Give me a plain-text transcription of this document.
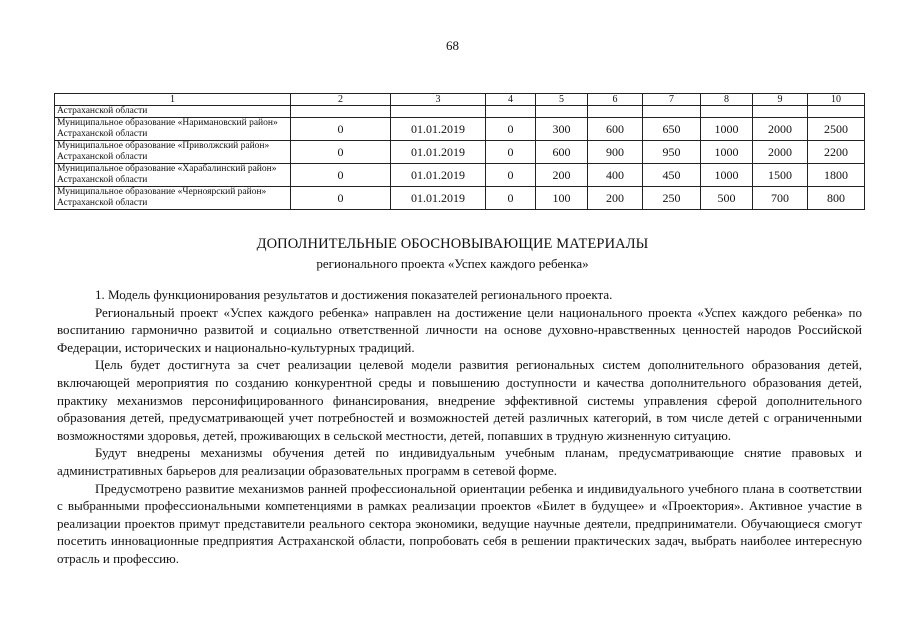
68
1	2	3	4	5	6	7	8	9	10
Астраханской области									
Муниципальное образование «Наримановский район» Астраханской области	0	01.01.2019	0	300	600	650	1000	2000	2500
Муниципальное образование «Приволжский район» Астраханской области	0	01.01.2019	0	600	900	950	1000	2000	2200
Муниципальное образование «Харабалинский район» Астраханской области	0	01.01.2019	0	200	400	450	1000	1500	1800
Муниципальное образование «Черноярский район» Астраханской области	0	01.01.2019	0	100	200	250	500	700	800
ДОПОЛНИТЕЛЬНЫЕ ОБОСНОВЫВАЮЩИЕ МАТЕРИАЛЫ
регионального проекта «Успех каждого ребенка»

1. Модель функционирования результатов и достижения показателей регионального проекта.

Региональный проект «Успех каждого ребенка» направлен на достижение цели национального проекта «Успех каждого ребенка» по воспитанию гармонично развитой и социально ответственной личности на основе духовно-нравственных ценностей народов Российской Федерации, исторических и национально-культурных традиций.

Цель будет достигнута за счет реализации целевой модели развития региональных систем дополнительного образования детей, включающей мероприятия по созданию конкурентной среды и повышению доступности и качества дополнительного образования детей, практику механизмов персонифицированного финансирования, внедрение эффективной системы управления сферой дополнительного образования детей, предусматривающей учет потребностей и возможностей детей различных категорий, в том числе детей с ограниченными возможностями здоровья, детей, проживающих в сельской местности, детей, попавших в трудную жизненную ситуацию.

Будут внедрены механизмы обучения детей по индивидуальным учебным планам, предусматривающие снятие правовых и административных барьеров для реализации образовательных программ в сетевой форме.

Предусмотрено развитие механизмов ранней профессиональной ориентации ребенка и индивидуального учебного плана в соответствии с выбранными профессиональными компетенциями в рамках реализации проектов «Билет в будущее» и «Проектория». Активное участие в реализации проектов примут представители реального сектора экономики, ведущие научные деятели, предприниматели. Обучающиеся смогут посетить инновационные предприятия Астраханской области, попробовать себя в решении практических задач, выбрать наиболее интересную отрасль и профессию.
